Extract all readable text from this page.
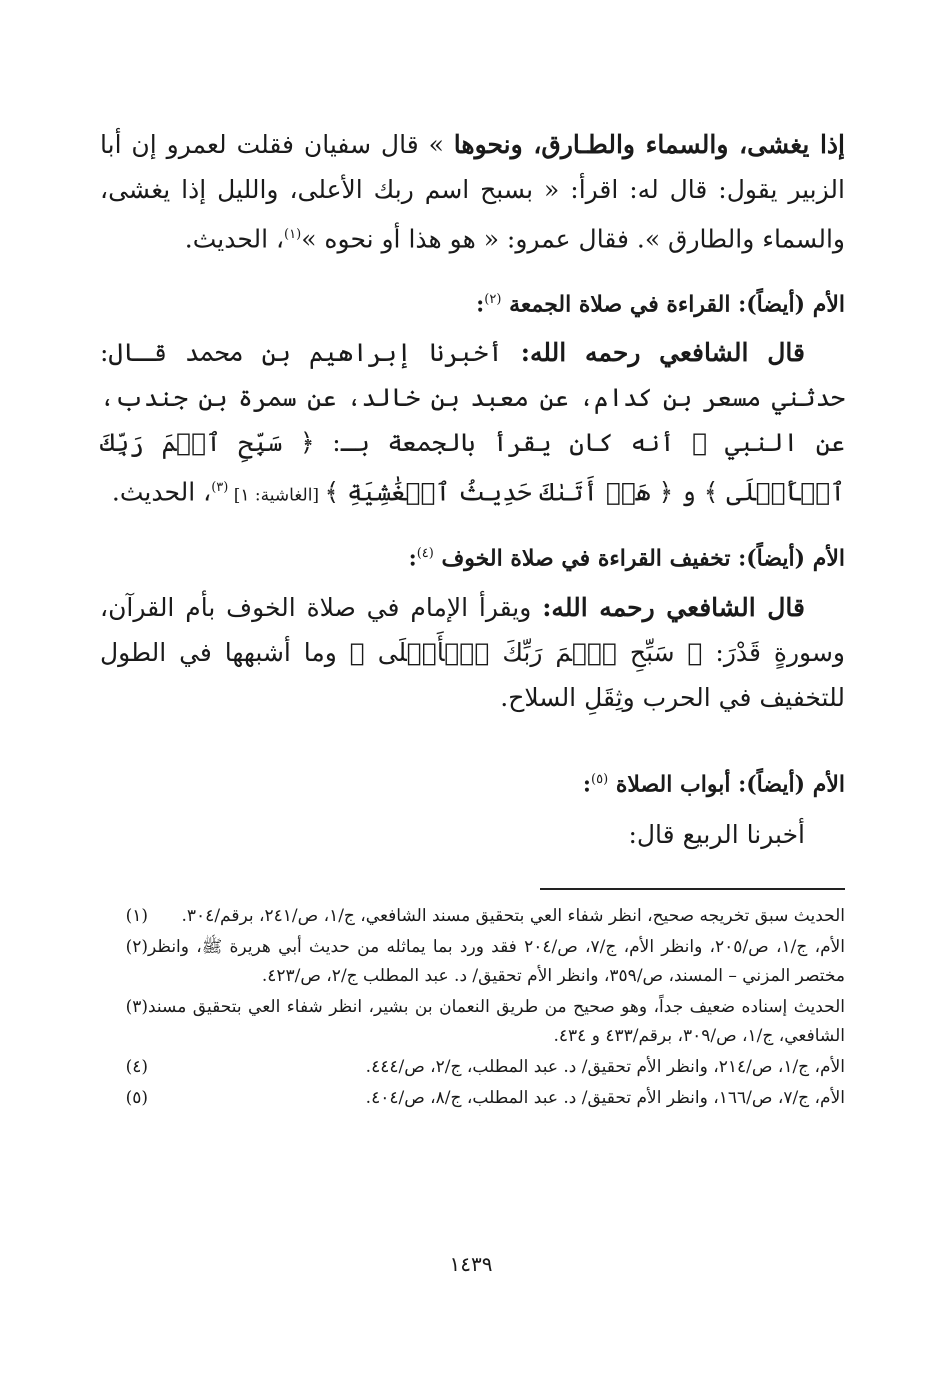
إذا يغشى، والسماء والطـارق، ونحوها » قال سفيان فقلت لعمرو إن أبا الزبير يقول: قال له: اقرأ: « بسبح اسم ربك الأعلى، والليل إذا يغشى، والسماء والطارق ». فقال عمرو: « هو هذا أو نحوه »$^{(١)}$، الحديث.
الأم (أيضاً): القراءة في صلاة الجمعة $^{(٢)}$:
قال الشافعي رحمه الله: أخبرنا إبراهيم بن محمد قـال: حدثني مسعر بن كدام، عن معبد بن خالد، عن سمرة بن جندب، عن النبي ﷺ أنه كان يقرأ بالجمعة بـ: ﴿ سَبِّحِ ٱسۡمَ رَبِّكَ ٱلۡأَعۡلَى ﴾ و ﴿ هَلۡ أَتَىٰكَ حَدِيثُ ٱلۡغَٰشِيَةِ ﴾ [الغاشية: ١] $^{(٣)}$، الحديث.
الأم (أيضاً): تخفيف القراءة في صلاة الخوف $^{(٤)}$:
قال الشافعي رحمه الله: ويقرأ الإمام في صلاة الخوف بأم القرآن، وسورةٍ قَدْرَ: ﴿ سَبِّحِ ٱسۡمَ رَبِّكَ ٱلۡأَعۡلَى ﴾ وما أشبهها في الطول للتخفيف في الحرب وثِقَلِ السلاح.
الأم (أيضاً): أبواب الصلاة $^{(٥)}$:
أخبرنا الربيع قال:
(١)	الحديث سبق تخريجه صحيح، انظر شفاء العي بتحقيق مسند الشافعي، ج/١، ص/٢٤١، برقم/٣٠٤.
(٢) الأم، ج/١، ص/٢٠٥، وانظر الأم، ج/٧، ص/٢٠٤ فقد ورد بما يماثله من حديث أبي هريرة ﷺ، وانظر مختصر المزني – المسند، ص/٣٥٩، وانظر الأم تحقيق/ د. عبد المطلب ج/٢، ص/٤٢٣.
(٣) الحديث إسناده ضعيف جداً، وهو صحيح من طريق النعمان بن بشير، انظر شفاء العي بتحقيق مسند الشافعي، ج/١، ص/٣٠٩، برقم/٤٣٣ و ٤٣٤.
(٤)	الأم، ج/١، ص/٢١٤، وانظر الأم تحقيق/ د. عبد المطلب، ج/٢، ص/٤٤٤.
(٥)	الأم، ج/٧، ص/١٦٦، وانظر الأم تحقيق/ د. عبد المطلب، ج/٨، ص/٤٠٤.
١٤٣٩
